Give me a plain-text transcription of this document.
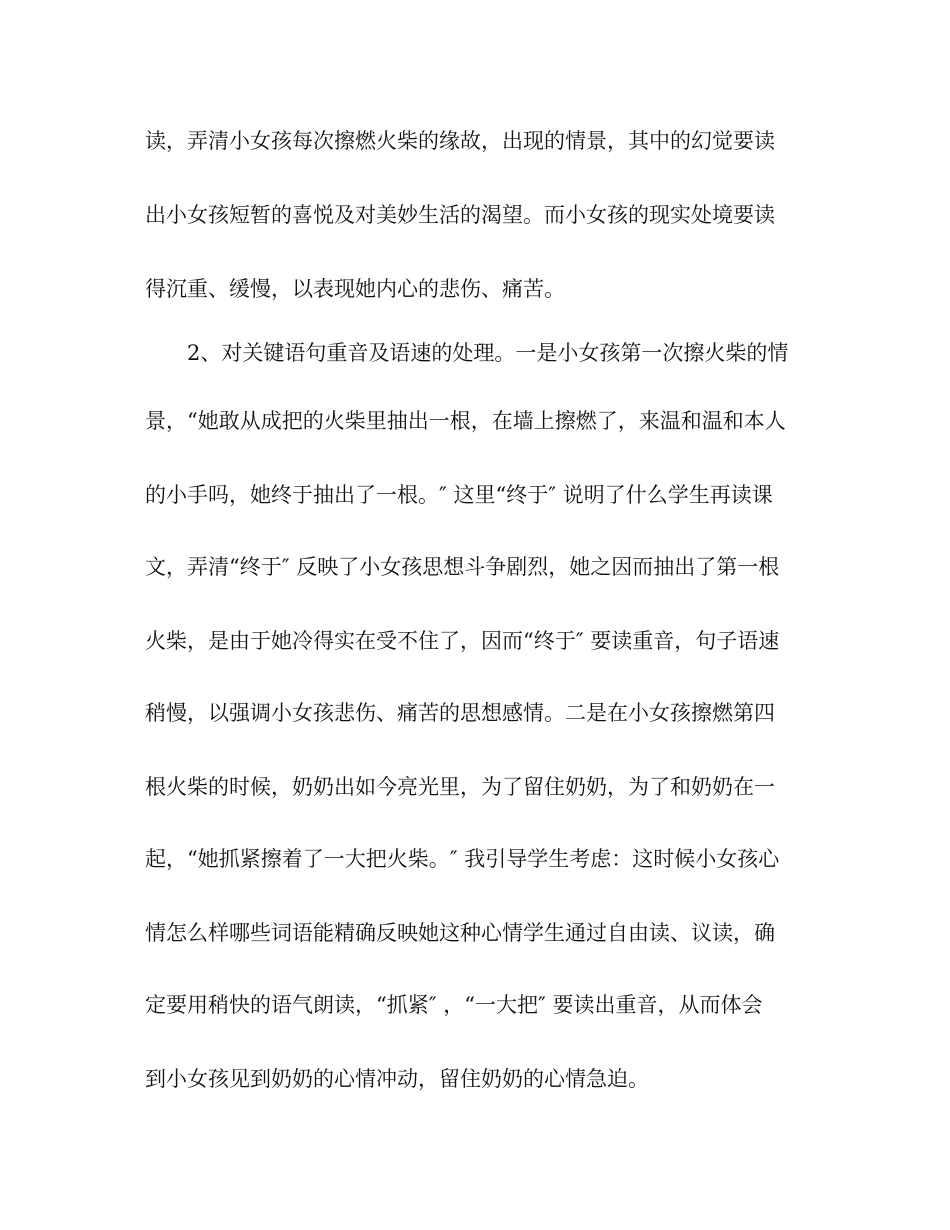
读，弄清小女孩每次擦燃火柴的缘故，出现的情景，其中的幻觉要读
出小女孩短暂的喜悦及对美妙生活的渴望。而小女孩的现实处境要读
得沉重、缓慢，以表现她内心的悲伤、痛苦。
2、对关键语句重音及语速的处理。一是小女孩第一次擦火柴的情
景，“她敢从成把的火柴里抽出一根，在墙上擦燃了，来温和温和本人
的小手吗，她终于抽出了一根。″ 这里“终于″ 说明了什么学生再读课
文，弄清“终于″ 反映了小女孩思想斗争剧烈，她之因而抽出了第一根
火柴，是由于她冷得实在受不住了，因而“终于″ 要读重音，句子语速
稍慢，以强调小女孩悲伤、痛苦的思想感情。二是在小女孩擦燃第四
根火柴的时候，奶奶出如今亮光里，为了留住奶奶，为了和奶奶在一
起，“她抓紧擦着了一大把火柴。″ 我引导学生考虑：这时候小女孩心
情怎么样哪些词语能精确反映她这种心情学生通过自由读、议读，确
定要用稍快的语气朗读，“抓紧″ ，“一大把″ 要读出重音，从而体会
到小女孩见到奶奶的心情冲动，留住奶奶的心情急迫。
